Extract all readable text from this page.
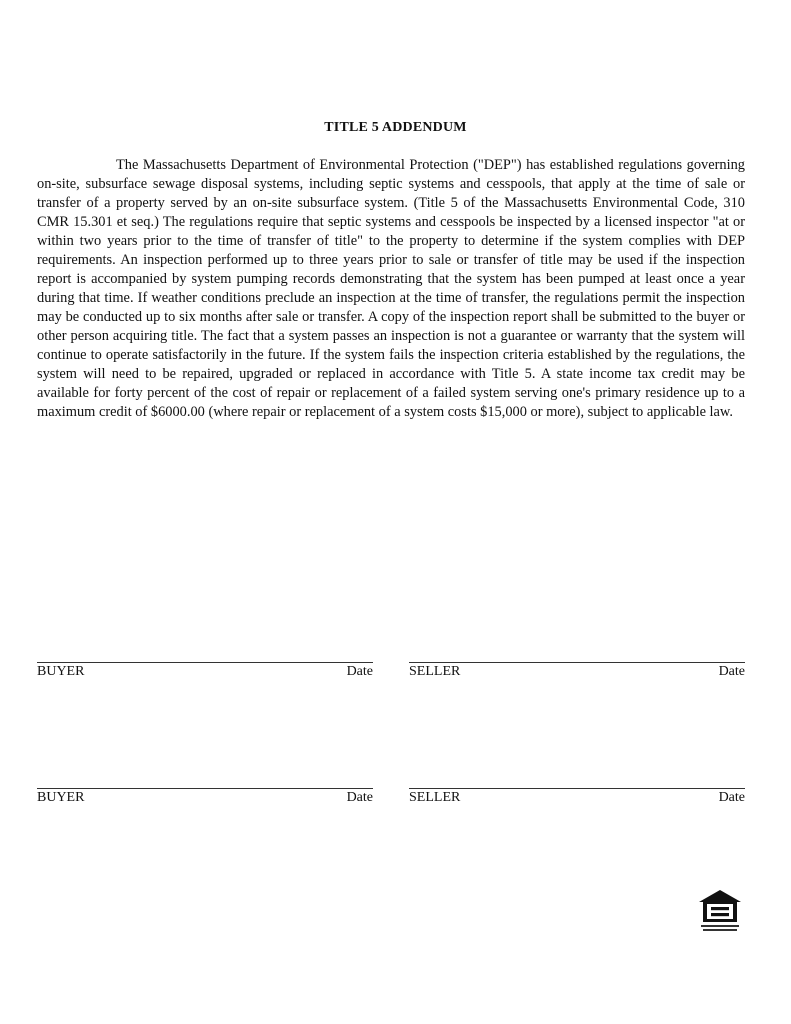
TITLE 5 ADDENDUM

The Massachusetts Department of Environmental Protection ("DEP") has established regulations governing on-site, subsurface sewage disposal systems, including septic systems and cesspools, that apply at the time of sale or transfer of a property served by an on-site subsurface system. (Title 5 of the Massachusetts Environmental Code, 310 CMR 15.301 et seq.) The regulations require that septic systems and cesspools be inspected by a licensed inspector "at or within two years prior to the time of transfer of title" to the property to determine if the system complies with DEP requirements. An inspection performed up to three years prior to sale or transfer of title may be used if the inspection report is accompanied by system pumping records demonstrating that the system has been pumped at least once a year during that time. If weather conditions preclude an inspection at the time of transfer, the regulations permit the inspection may be conducted up to six months after sale or transfer. A copy of the inspection report shall be submitted to the buyer or other person acquiring title. The fact that a system passes an inspection is not a guarantee or warranty that the system will continue to operate satisfactorily in the future. If the system fails the inspection criteria established by the regulations, the system will need to be repaired, upgraded or replaced in accordance with Title 5. A state income tax credit may be available for forty percent of the cost of repair or replacement of a failed system serving one's primary residence up to a maximum credit of $6000.00 (where repair or replacement of a system costs $15,000 or more), subject to applicable law.

BUYER	Date	SELLER	Date
BUYER	Date	SELLER	Date
